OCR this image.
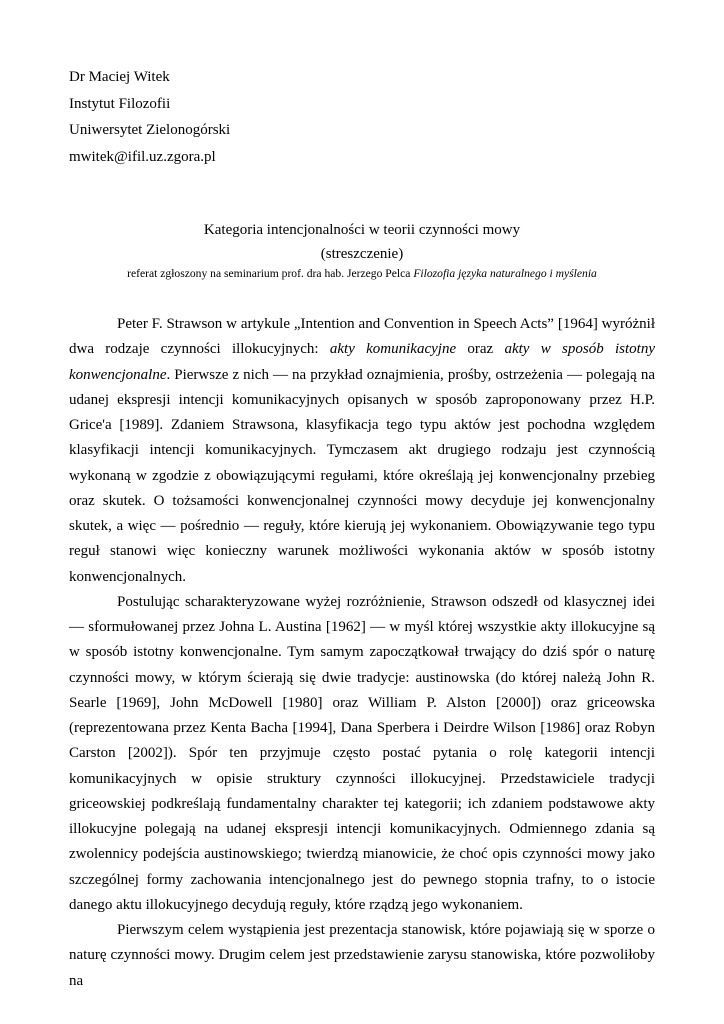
Dr Maciej Witek
Instytut Filozofii
Uniwersytet Zielonogórski
mwitek@ifil.uz.zgora.pl
Kategoria intencjonalności w teorii czynności mowy
(streszczenie)
referat zgłoszony na seminarium prof. dra hab. Jerzego Pelca Filozofia języka naturalnego i myślenia

Peter F. Strawson w artykule „Intention and Convention in Speech Acts” [1964] wyróżnił dwa rodzaje czynności illokucyjnych: akty komunikacyjne oraz akty w sposób istotny konwencjonalne. Pierwsze z nich — na przykład oznajmienia, prośby, ostrzeżenia — polegają na udanej ekspresji intencji komunikacyjnych opisanych w sposób zaproponowany przez H.P. Grice'a [1989]. Zdaniem Strawsona, klasyfikacja tego typu aktów jest pochodna względem klasyfikacji intencji komunikacyjnych. Tymczasem akt drugiego rodzaju jest czynnością wykonaną w zgodzie z obowiązującymi regułami, które określają jej konwencjonalny przebieg oraz skutek. O tożsamości konwencjonalnej czynności mowy decyduje jej konwencjonalny skutek, a więc — pośrednio — reguły, które kierują jej wykonaniem. Obowiązywanie tego typu reguł stanowi więc konieczny warunek możliwości wykonania aktów w sposób istotny konwencjonalnych.

Postulując scharakteryzowane wyżej rozróżnienie, Strawson odszedł od klasycznej idei — sformułowanej przez Johna L. Austina [1962] — w myśl której wszystkie akty illokucyjne są w sposób istotny konwencjonalne. Tym samym zapoczątkował trwający do dziś spór o naturę czynności mowy, w którym ścierają się dwie tradycje: austinowska (do której należą John R. Searle [1969], John McDowell [1980] oraz William P. Alston [2000]) oraz griceowska (reprezentowana przez Kenta Bacha [1994], Dana Sperbera i Deirdre Wilson [1986] oraz Robyn Carston [2002]). Spór ten przyjmuje często postać pytania o rolę kategorii intencji komunikacyjnych w opisie struktury czynności illokucyjnej. Przedstawiciele tradycji griceowskiej podkreślają fundamentalny charakter tej kategorii; ich zdaniem podstawowe akty illokucyjne polegają na udanej ekspresji intencji komunikacyjnych. Odmiennego zdania są zwolennicy podejścia austinowskiego; twierdzą mianowicie, że choć opis czynności mowy jako szczególnej formy zachowania intencjonalnego jest do pewnego stopnia trafny, to o istocie danego aktu illokucyjnego decydują reguły, które rządzą jego wykonaniem.

Pierwszym celem wystąpienia jest prezentacja stanowisk, które pojawiają się w sporze o naturę czynności mowy. Drugim celem jest przedstawienie zarysu stanowiska, które pozwoliłoby na
